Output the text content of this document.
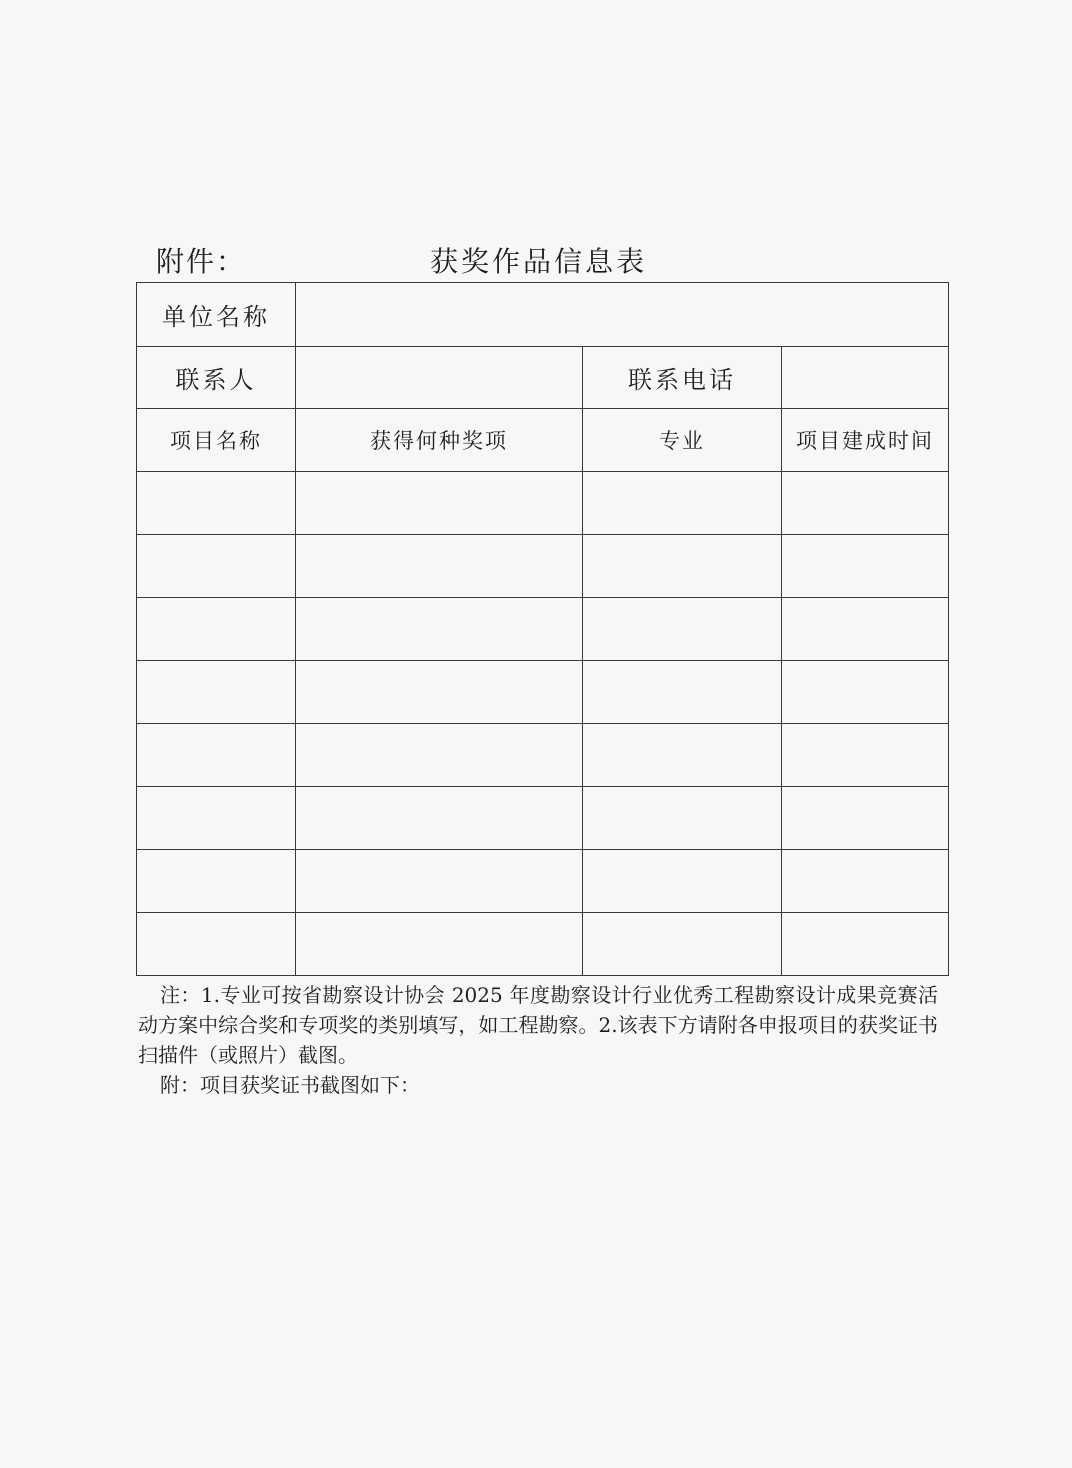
附件：	获奖作品信息表
单位名称			
联系人		联系电话	
项目名称	获得何种奖项	专业	项目建成时间

注：1.专业可按省勘察设计协会 2025 年度勘察设计行业优秀工程勘察设计成果竞赛活动方案中综合奖和专项奖的类别填写，如工程勘察。2.该表下方请附各申报项目的获奖证书扫描件（或照片）截图。
附：项目获奖证书截图如下：
